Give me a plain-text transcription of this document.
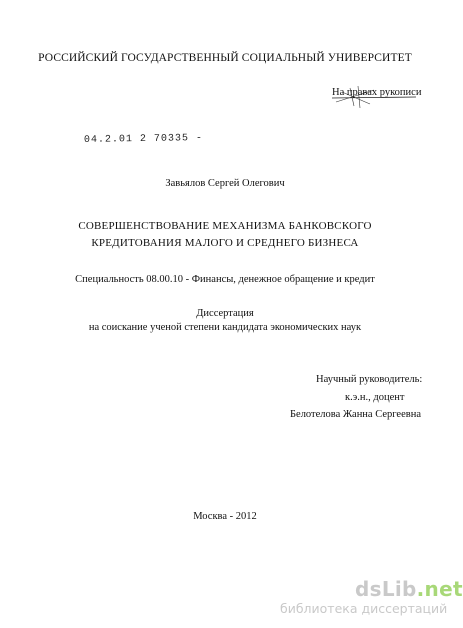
РОССИЙСКИЙ ГОСУДАРСТВЕННЫЙ СОЦИАЛЬНЫЙ УНИВЕРСИТЕТ
На правах рукописи
04.2.01 2 70335 -
Завьялов Сергей Олегович
СОВЕРШЕНСТВОВАНИЕ МЕХАНИЗМА БАНКОВСКОГО
КРЕДИТОВАНИЯ МАЛОГО И СРЕДНЕГО БИЗНЕСА
Специальность 08.00.10 - Финансы, денежное обращение и кредит
Диссертация
на соискание ученой степени кандидата экономических наук
Научный руководитель:
к.э.н., доцент
Белотелова Жанна Сергеевна
Москва - 2012
dsLib.net
библиотека диссертаций
